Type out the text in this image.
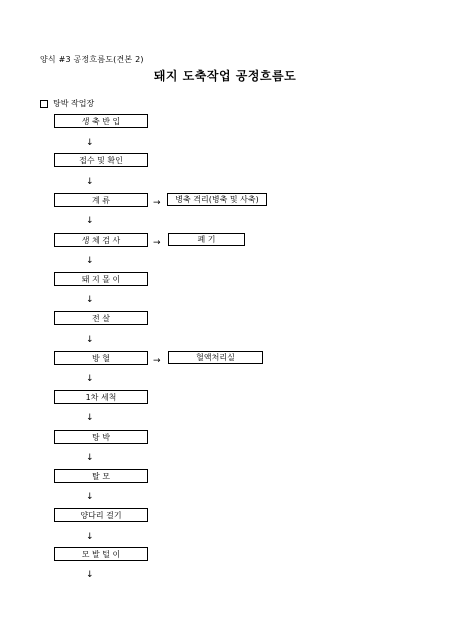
양식 #3 공정흐름도(견본 2)
돼지 도축작업 공정흐름도
탕박 작업장
생 축 반 입
↓
접수 및 확인
↓
계 류	→	병축 격리(병축 및 사축)
↓
생 체 검 사	→	폐 기
↓
돼 지 몰 이
↓
전 살
↓
방 혈	→	혈액처리실
↓
1차 세척
↓
탕 박
↓
탈 모
↓
양다리 걸기
↓
모 발 털 이
↓
